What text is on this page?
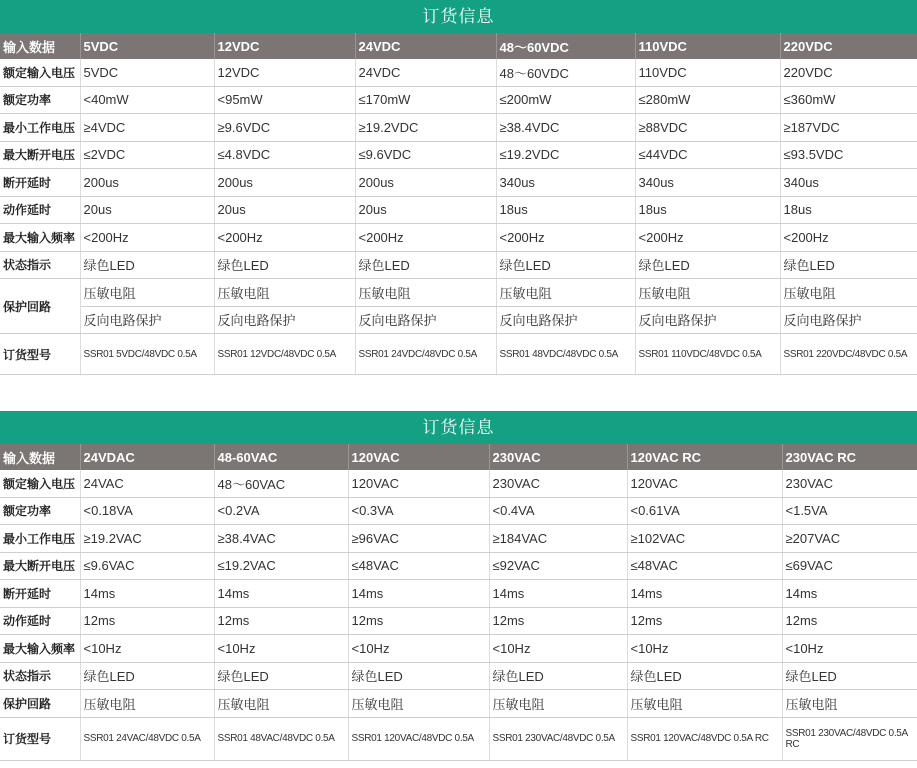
订货信息
输入数据	5VDC	12VDC	24VDC	48～60VDC	110VDC	220VDC
额定输入电压	5VDC	12VDC	24VDC	48～60VDC	110VDC	220VDC
额定功率	<40mW	<95mW	≤170mW	≤200mW	≤280mW	≤360mW
最小工作电压	≥4VDC	≥9.6VDC	≥19.2VDC	≥38.4VDC	≥88VDC	≥187VDC
最大断开电压	≤2VDC	≤4.8VDC	≤9.6VDC	≤19.2VDC	≤44VDC	≤93.5VDC
断开延时	200us	200us	200us	340us	340us	340us
动作延时	20us	20us	20us	18us	18us	18us
最大输入频率	<200Hz	<200Hz	<200Hz	<200Hz	<200Hz	<200Hz
状态指示	绿色LED	绿色LED	绿色LED	绿色LED	绿色LED	绿色LED
保护回路	压敏电阻	压敏电阻	压敏电阻	压敏电阻	压敏电阻	压敏电阻
	反向电路保护	反向电路保护	反向电路保护	反向电路保护	反向电路保护	反向电路保护
订货型号	SSR01 5VDC/48VDC 0.5A	SSR01 12VDC/48VDC 0.5A	SSR01 24VDC/48VDC 0.5A	SSR01 48VDC/48VDC 0.5A	SSR01 110VDC/48VDC 0.5A	SSR01 220VDC/48VDC 0.5A
订货信息
输入数据	24VDAC	48-60VAC	120VAC	230VAC	120VAC RC	230VAC RC
额定输入电压	24VAC	48～60VAC	120VAC	230VAC	120VAC	230VAC
额定功率	<0.18VA	<0.2VA	<0.3VA	<0.4VA	<0.61VA	<1.5VA
最小工作电压	≥19.2VAC	≥38.4VAC	≥96VAC	≥184VAC	≥102VAC	≥207VAC
最大断开电压	≤9.6VAC	≤19.2VAC	≤48VAC	≤92VAC	≤48VAC	≤69VAC
断开延时	14ms	14ms	14ms	14ms	14ms	14ms
动作延时	12ms	12ms	12ms	12ms	12ms	12ms
最大输入频率	<10Hz	<10Hz	<10Hz	<10Hz	<10Hz	<10Hz
状态指示	绿色LED	绿色LED	绿色LED	绿色LED	绿色LED	绿色LED
保护回路	压敏电阻	压敏电阻	压敏电阻	压敏电阻	压敏电阻	压敏电阻
订货型号	SSR01 24VAC/48VDC 0.5A	SSR01 48VAC/48VDC 0.5A	SSR01 120VAC/48VDC 0.5A	SSR01 230VAC/48VDC 0.5A	SSR01 120VAC/48VDC 0.5A RC	SSR01 230VAC/48VDC 0.5A RC
